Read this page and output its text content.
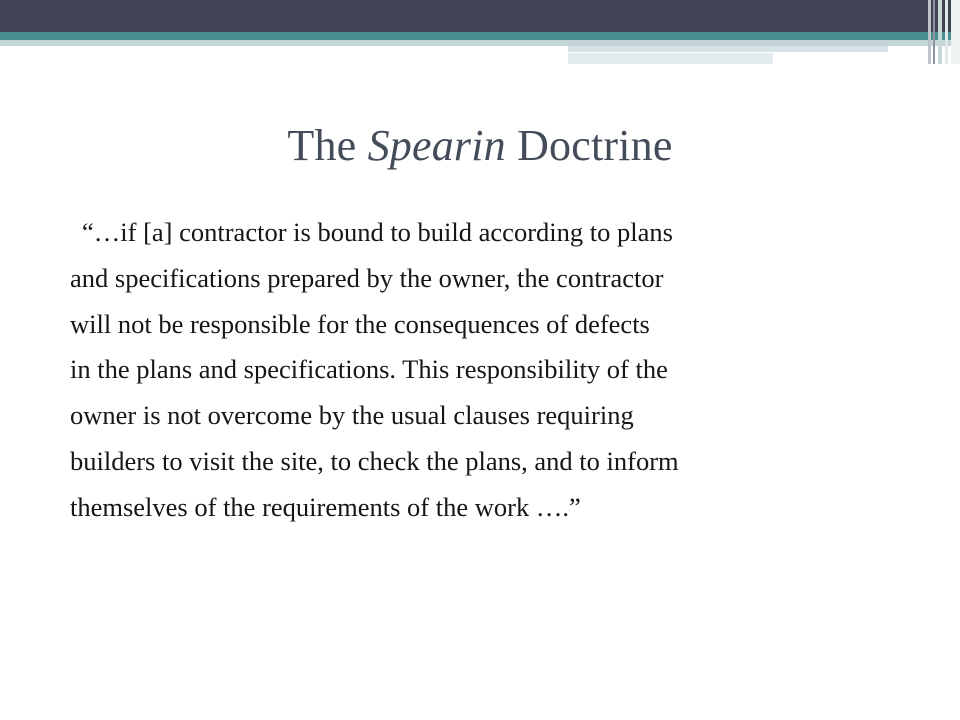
The Spearin Doctrine
“…if [a] contractor is bound to build according to plans
and specifications prepared by the owner, the contractor
will not be responsible for the consequences of defects
in the plans and specifications. This responsibility of the
owner is not overcome by the usual clauses requiring
builders to visit the site, to check the plans, and to inform
themselves of the requirements of the work ….”
